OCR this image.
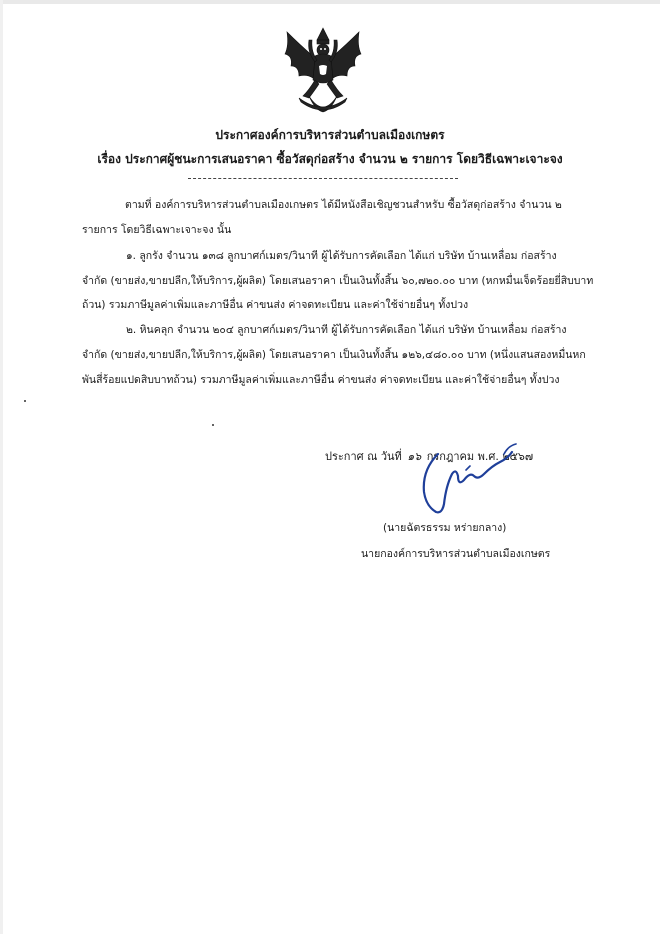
ประกาศองค์การบริหารส่วนตำบลเมืองเกษตร
เรื่อง ประกาศผู้ชนะการเสนอราคา ซื้อวัสดุก่อสร้าง จำนวน ๒ รายการ โดยวิธีเฉพาะเจาะจง
ตามที่ องค์การบริหารส่วนตำบลเมืองเกษตร ได้มีหนังสือเชิญชวนสำหรับ ซื้อวัสดุก่อสร้าง จำนวน ๒
รายการ โดยวิธีเฉพาะเจาะจง นั้น
๑. ลูกรัง จำนวน ๑๓๘ ลูกบาศก์เมตร/วินาที ผู้ได้รับการคัดเลือก ได้แก่ บริษัท บ้านเหลื่อม ก่อสร้าง
จำกัด (ขายส่ง,ขายปลีก,ให้บริการ,ผู้ผลิต) โดยเสนอราคา เป็นเงินทั้งสิ้น ๖๐,๗๒๐.๐๐ บาท (หกหมื่นเจ็ดร้อยยี่สิบบาท
ถ้วน) รวมภาษีมูลค่าเพิ่มและภาษีอื่น ค่าขนส่ง ค่าจดทะเบียน และค่าใช้จ่ายอื่นๆ ทั้งปวง
๒. หินคลุก จำนวน ๒๐๔ ลูกบาศก์เมตร/วินาที ผู้ได้รับการคัดเลือก ได้แก่ บริษัท บ้านเหลื่อม ก่อสร้าง
จำกัด (ขายส่ง,ขายปลีก,ให้บริการ,ผู้ผลิต) โดยเสนอราคา เป็นเงินทั้งสิ้น ๑๒๖,๔๘๐.๐๐ บาท (หนึ่งแสนสองหมื่นหก
พันสี่ร้อยแปดสิบบาทถ้วน) รวมภาษีมูลค่าเพิ่มและภาษีอื่น ค่าขนส่ง ค่าจดทะเบียน และค่าใช้จ่ายอื่นๆ ทั้งปวง
ประกาศ ณ วันที่ ๑๖ กรกฎาคม พ.ศ. ๒๕๖๗
(นายฉัตรธรรม หร่ายกลาง)
นายกองค์การบริหารส่วนตำบลเมืองเกษตร
